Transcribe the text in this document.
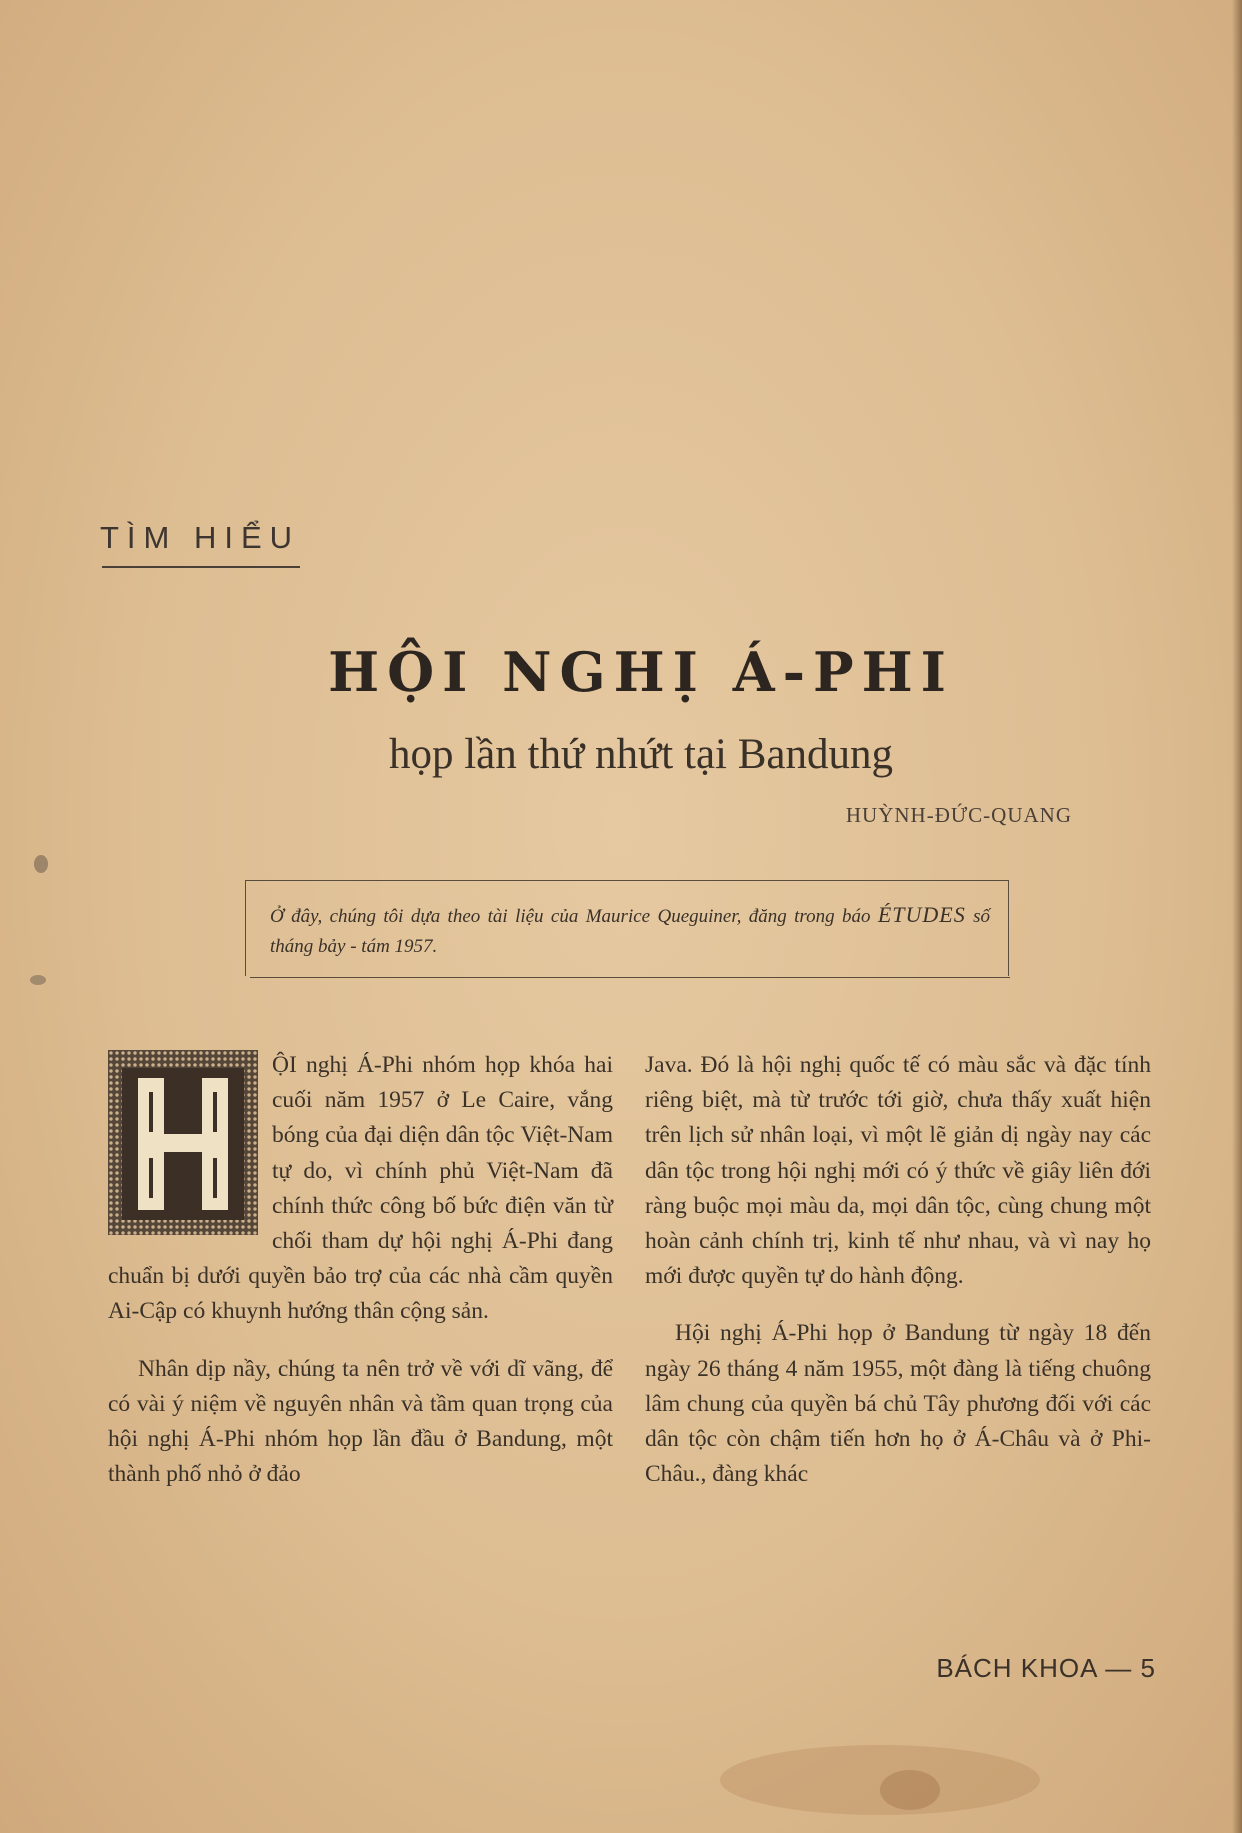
TÌM HIỂU
HỘI NGHỊ Á-PHI
họp lần thứ nhứt tại Bandung
HUỲNH-ĐỨC-QUANG
Ở đây, chúng tôi dựa theo tài liệu của Maurice Queguiner, đăng trong báo ÉTUDES số tháng bảy - tám 1957.

ỘI nghị Á-Phi nhóm họp khóa hai cuối năm 1957 ở Le Caire, vắng bóng của đại diện dân tộc Việt-Nam tự do, vì chính phủ Việt-Nam đã chính thức công bố bức điện văn từ chối tham dự hội nghị Á-Phi đang chuẩn bị dưới quyền bảo trợ của các nhà cầm quyền Ai-Cập có khuynh hướng thân cộng sản.

Nhân dịp nầy, chúng ta nên trở về với dĩ vãng, để có vài ý niệm về nguyên nhân và tầm quan trọng của hội nghị Á-Phi nhóm họp lần đầu ở Bandung, một thành phố nhỏ ở đảo

Java. Đó là hội nghị quốc tế có màu sắc và đặc tính riêng biệt, mà từ trước tới giờ, chưa thấy xuất hiện trên lịch sử nhân loại, vì một lẽ giản dị ngày nay các dân tộc trong hội nghị mới có ý thức về giây liên đới ràng buộc mọi màu da, mọi dân tộc, cùng chung một hoàn cảnh chính trị, kinh tế như nhau, và vì nay họ mới được quyền tự do hành động.

Hội nghị Á-Phi họp ở Bandung từ ngày 18 đến ngày 26 tháng 4 năm 1955, một đàng là tiếng chuông lâm chung của quyền bá chủ Tây phương đối với các dân tộc còn chậm tiến hơn họ ở Á-Châu và ở Phi-Châu., đàng khác

BÁCH KHOA — 5
